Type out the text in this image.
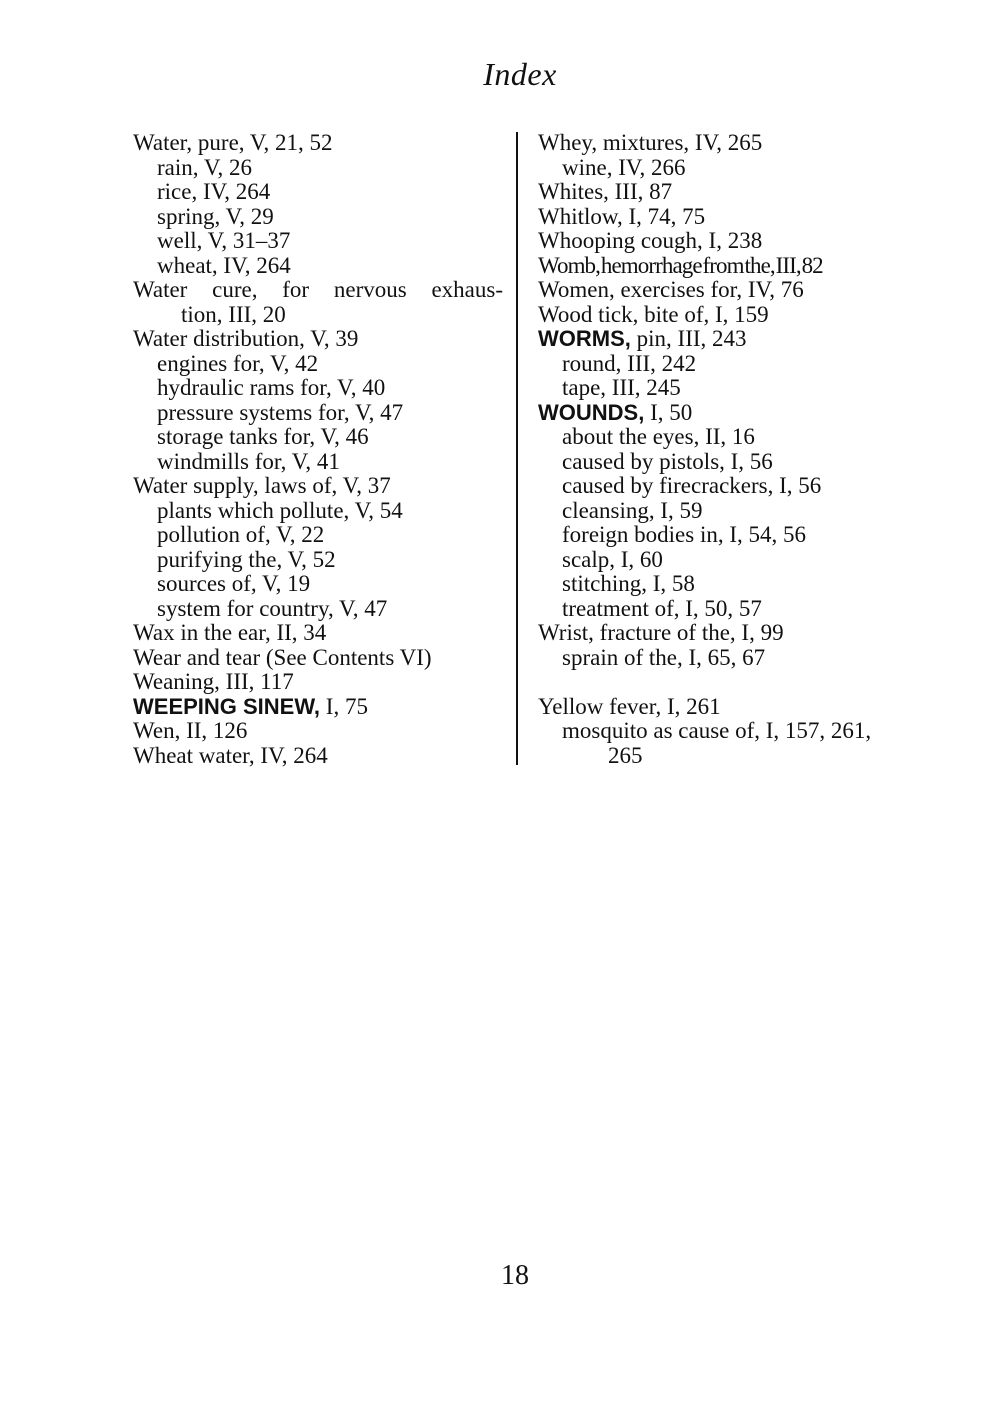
Index
Water, pure, V, 21, 52
rain, V, 26
rice, IV, 264
spring, V, 29
well, V, 31–37
wheat, IV, 264
Water cure, for nervous exhaus-
tion, III, 20
Water distribution, V, 39
engines for, V, 42
hydraulic rams for, V, 40
pressure systems for, V, 47
storage tanks for, V, 46
windmills for, V, 41
Water supply, laws of, V, 37
plants which pollute, V, 54
pollution of, V, 22
purifying the, V, 52
sources of, V, 19
system for country, V, 47
Wax in the ear, II, 34
Wear and tear (See Contents VI)
Weaning, III, 117
WEEPING SINEW, I, 75
Wen, II, 126
Wheat water, IV, 264
Whey, mixtures, IV, 265
wine, IV, 266
Whites, III, 87
Whitlow, I, 74, 75
Whooping cough, I, 238
Womb, hemorrhage from the, III, 82
Women, exercises for, IV, 76
Wood tick, bite of, I, 159
WORMS, pin, III, 243
round, III, 242
tape, III, 245
WOUNDS, I, 50
about the eyes, II, 16
caused by pistols, I, 56
caused by firecrackers, I, 56
cleansing, I, 59
foreign bodies in, I, 54, 56
scalp, I, 60
stitching, I, 58
treatment of, I, 50, 57
Wrist, fracture of the, I, 99
sprain of the, I, 65, 67
Yellow fever, I, 261
mosquito as cause of, I, 157, 261,
265
18
